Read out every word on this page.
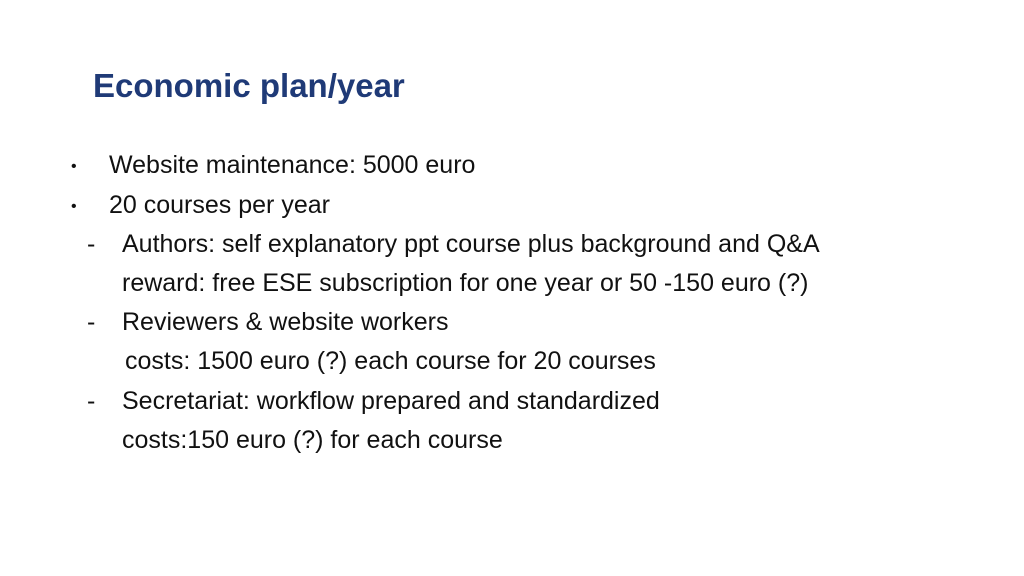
Economic plan/year
• Website maintenance: 5000 euro
• 20 courses per year
- Authors: self explanatory ppt course plus background and Q&A
reward: free ESE subscription for one year or 50 -150 euro (?)
- Reviewers & website workers
costs: 1500 euro (?) each course for 20 courses
- Secretariat: workflow prepared and standardized
costs:150 euro (?) for each course
